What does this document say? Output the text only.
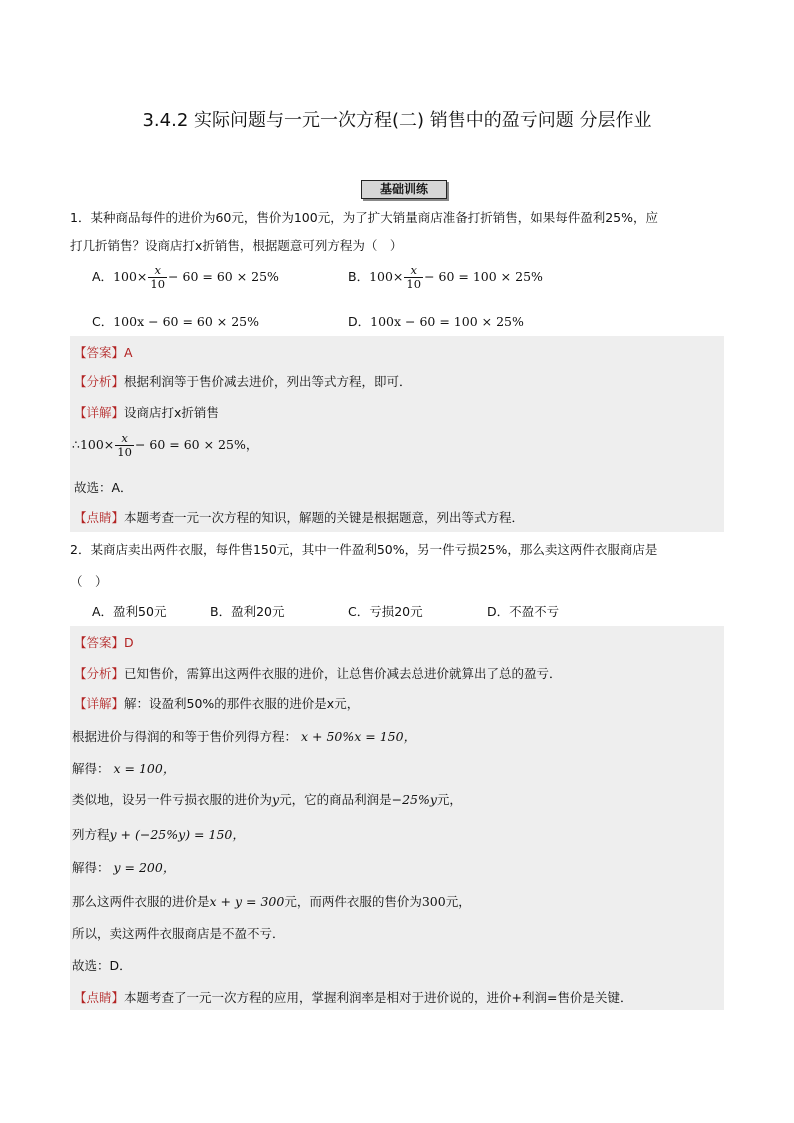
3.4.2 实际问题与一元一次方程(二) 销售中的盈亏问题 分层作业
基础训练
1．某种商品每件的进价为60元，售价为100元，为了扩大销量商店准备打折销售，如果每件盈利25%，应
打几折销售？设商店打x折销售，根据题意可列方程为（　）
A．$100\times \frac{x}{10} - 60 = 60 \times 25\%$	B．$100\times \frac{x}{10} - 60 = 100 \times 25\%$
C．100x − 60 = 60 × 25%	D．100x − 60 = 100 × 25%
【答案】A
【分析】根据利润等于售价减去进价，列出等式方程，即可．
【详解】设商店打x折销售
∴100× $\frac{x}{10} - 60 = 60 \times 25\%$，
故选：A．
【点睛】本题考查一元一次方程的知识，解题的关键是根据题意，列出等式方程．
2．某商店卖出两件衣服，每件售150元，其中一件盈利50%，另一件亏损25%，那么卖这两件衣服商店是
（　）
A．盈利50元	B．盈利20元	C．亏损20元	D．不盈不亏
【答案】D
【分析】已知售价，需算出这两件衣服的进价，让总售价减去总进价就算出了总的盈亏．
【详解】解：设盈利50%的那件衣服的进价是x元，
根据进价与得润的和等于售价列得方程： x + 50%x = 150，
解得： x = 100，
类似地，设另一件亏损衣服的进价为y元，它的商品利润是−25%y元，
列方程y + (−25%y) = 150，
解得： y = 200，
那么这两件衣服的进价是x + y = 300元，而两件衣服的售价为300元，
所以，卖这两件衣服商店是不盈不亏．
故选：D．
【点睛】本题考查了一元一次方程的应用，掌握利润率是相对于进价说的，进价+利润=售价是关键．
